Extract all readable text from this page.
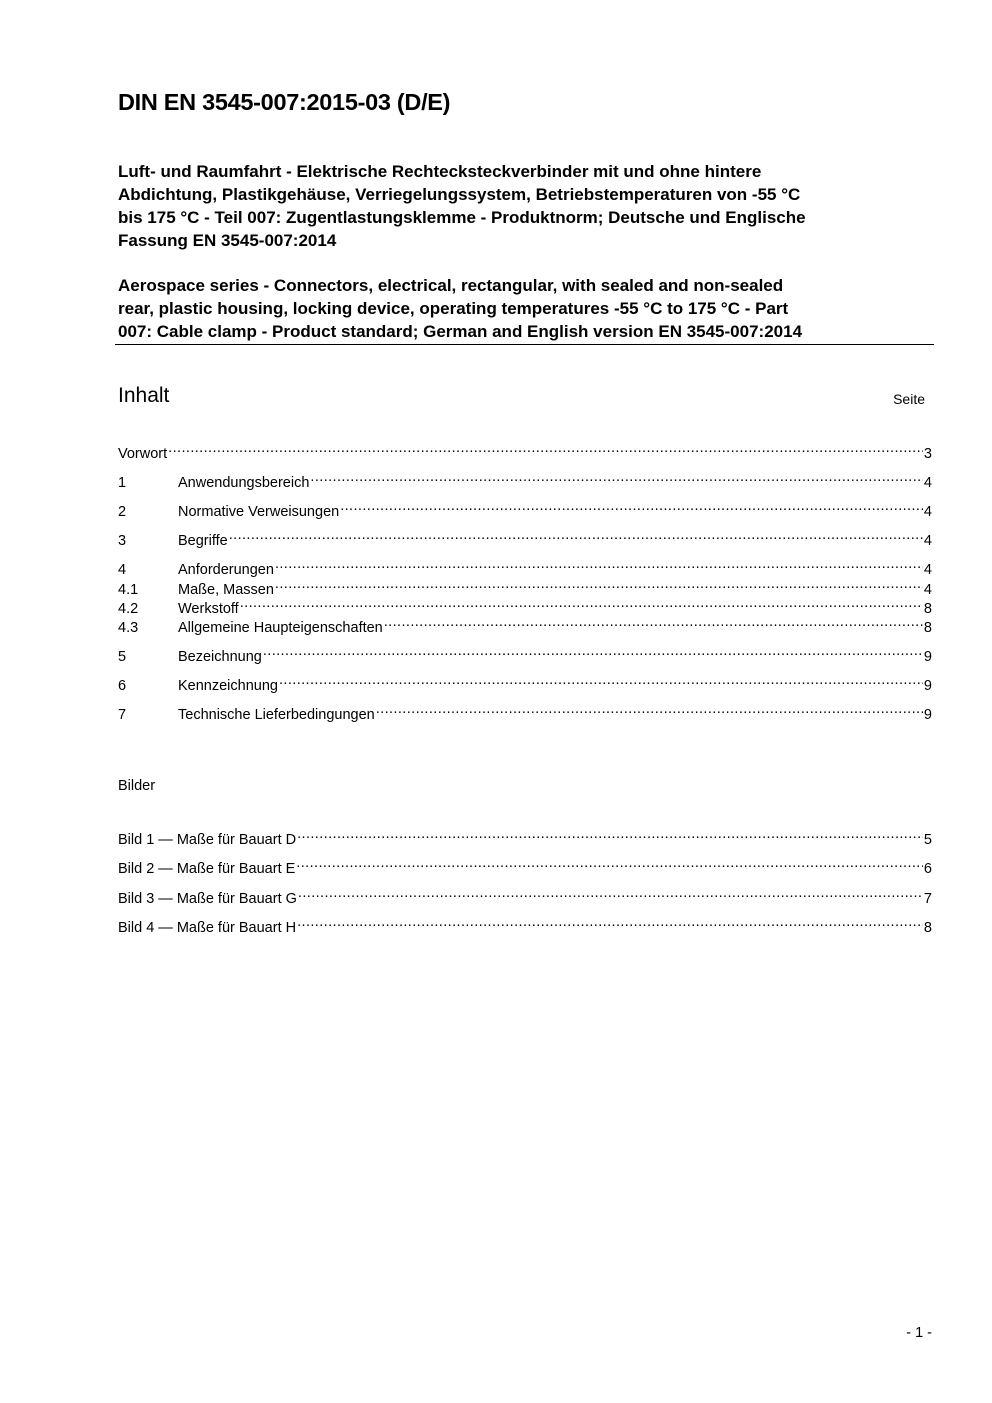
DIN EN 3545-007:2015-03 (D/E)
Luft- und Raumfahrt - Elektrische Rechtecksteckverbinder mit und ohne hintere
Abdichtung, Plastikgehäuse, Verriegelungssystem, Betriebstemperaturen von -55 °C
bis 175 °C - Teil 007: Zugentlastungsklemme - Produktnorm; Deutsche und Englische
Fassung EN 3545-007:2014
Aerospace series - Connectors, electrical, rectangular, with sealed and non-sealed
rear, plastic housing, locking device, operating temperatures -55 °C to 175 °C - Part
007: Cable clamp - Product standard; German and English version EN 3545-007:2014
Inhalt	Seite
Vorwort .....	3
1	Anwendungsbereich .....	4
2	Normative Verweisungen .....	4
3	Begriffe .....	4
4	Anforderungen .....	4
4.1	Maße, Massen .....	4
4.2	Werkstoff .....	8
4.3	Allgemeine Haupteigenschaften .....	8
5	Bezeichnung .....	9
6	Kennzeichnung .....	9
7	Technische Lieferbedingungen .....	9
Bilder
Bild 1 — Maße für Bauart D .....	5
Bild 2 — Maße für Bauart E .....	6
Bild 3 — Maße für Bauart G .....	7
Bild 4 — Maße für Bauart H .....	8
- 1 -
